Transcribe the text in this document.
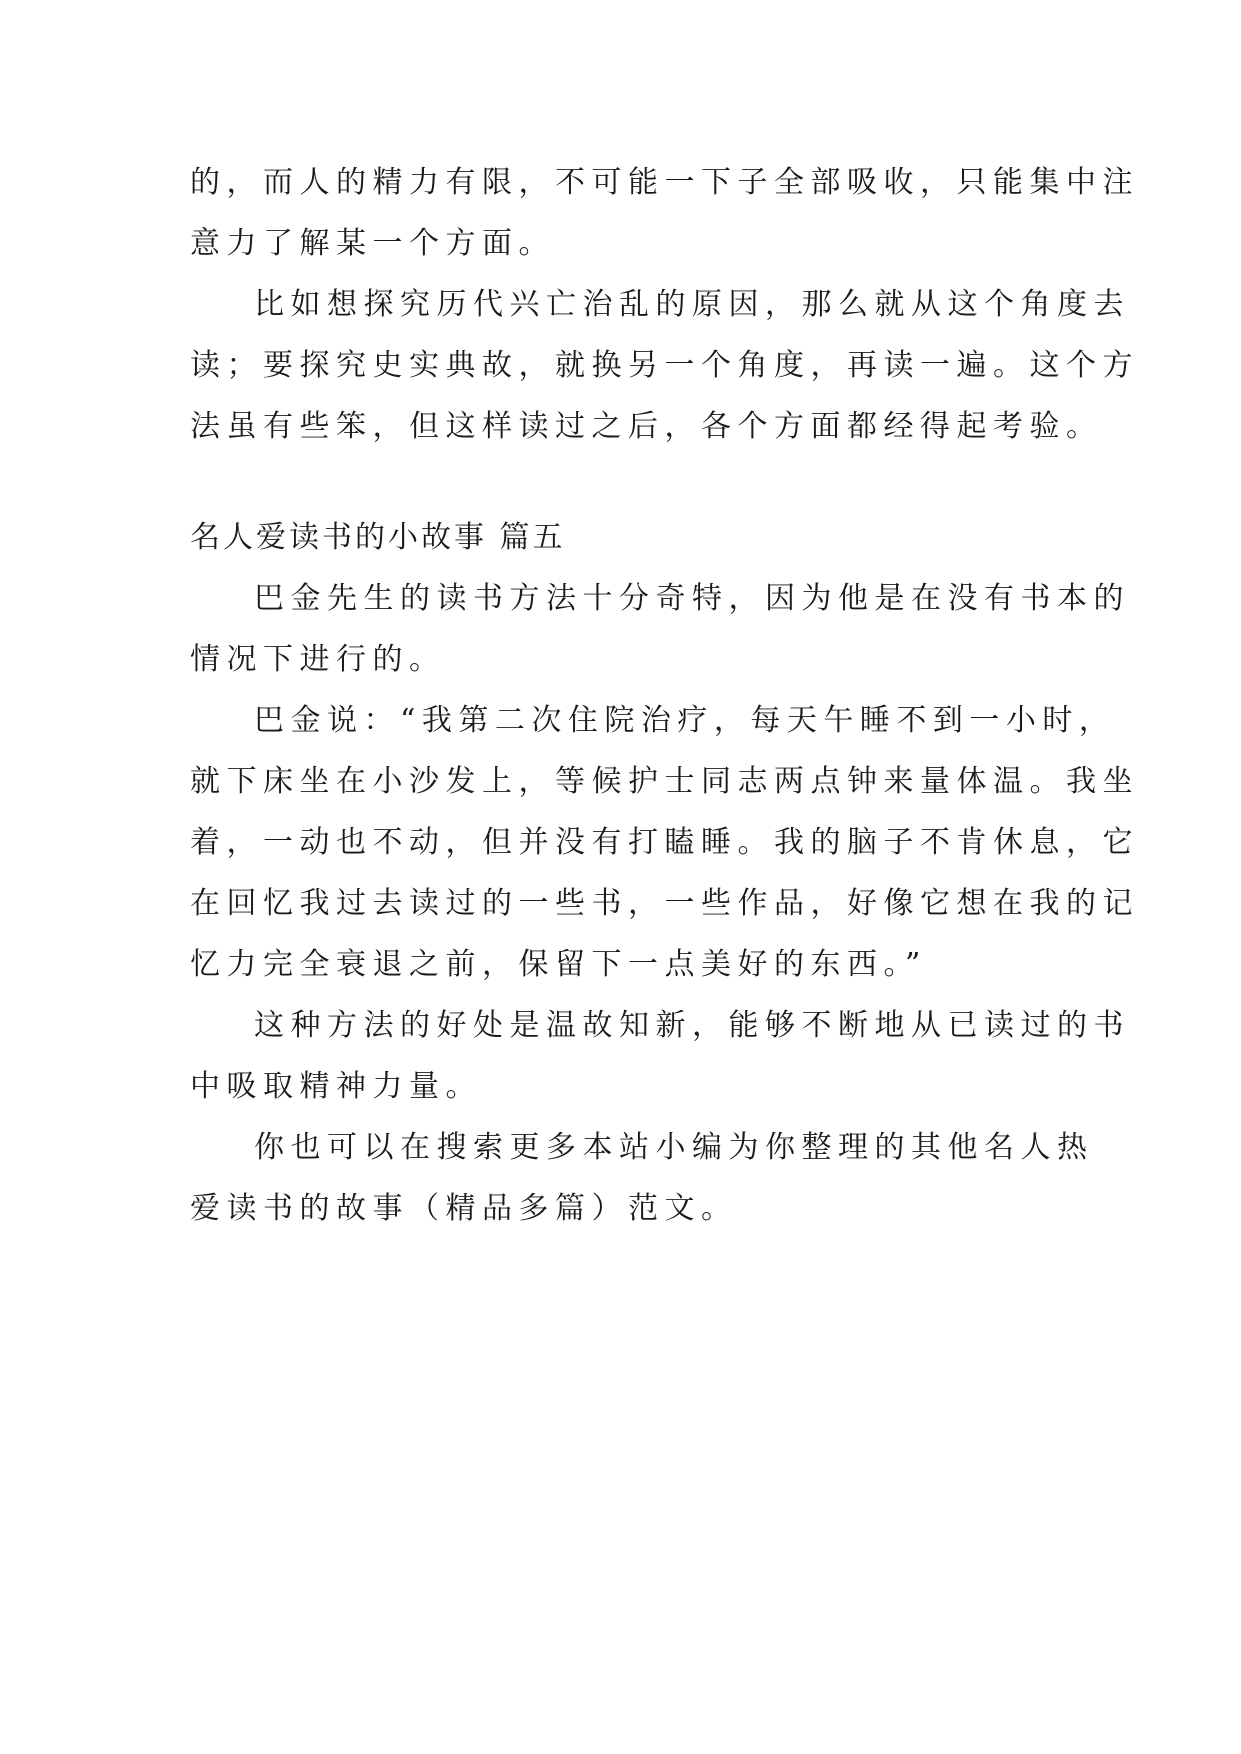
的，而人的精力有限，不可能一下子全部吸收，只能集中注
意力了解某一个方面。
比如想探究历代兴亡治乱的原因，那么就从这个角度去
读；要探究史实典故，就换另一个角度，再读一遍。这个方
法虽有些笨，但这样读过之后，各个方面都经得起考验。
名人爱读书的小故事 篇五
巴金先生的读书方法十分奇特，因为他是在没有书本的
情况下进行的。
巴金说：“我第二次住院治疗，每天午睡不到一小时，
就下床坐在小沙发上，等候护士同志两点钟来量体温。我坐
着，一动也不动，但并没有打瞌睡。我的脑子不肯休息，它
在回忆我过去读过的一些书，一些作品，好像它想在我的记
忆力完全衰退之前，保留下一点美好的东西。”
这种方法的好处是温故知新，能够不断地从已读过的书
中吸取精神力量。
你也可以在搜索更多本站小编为你整理的其他名人热
爱读书的故事（精品多篇）范文。
